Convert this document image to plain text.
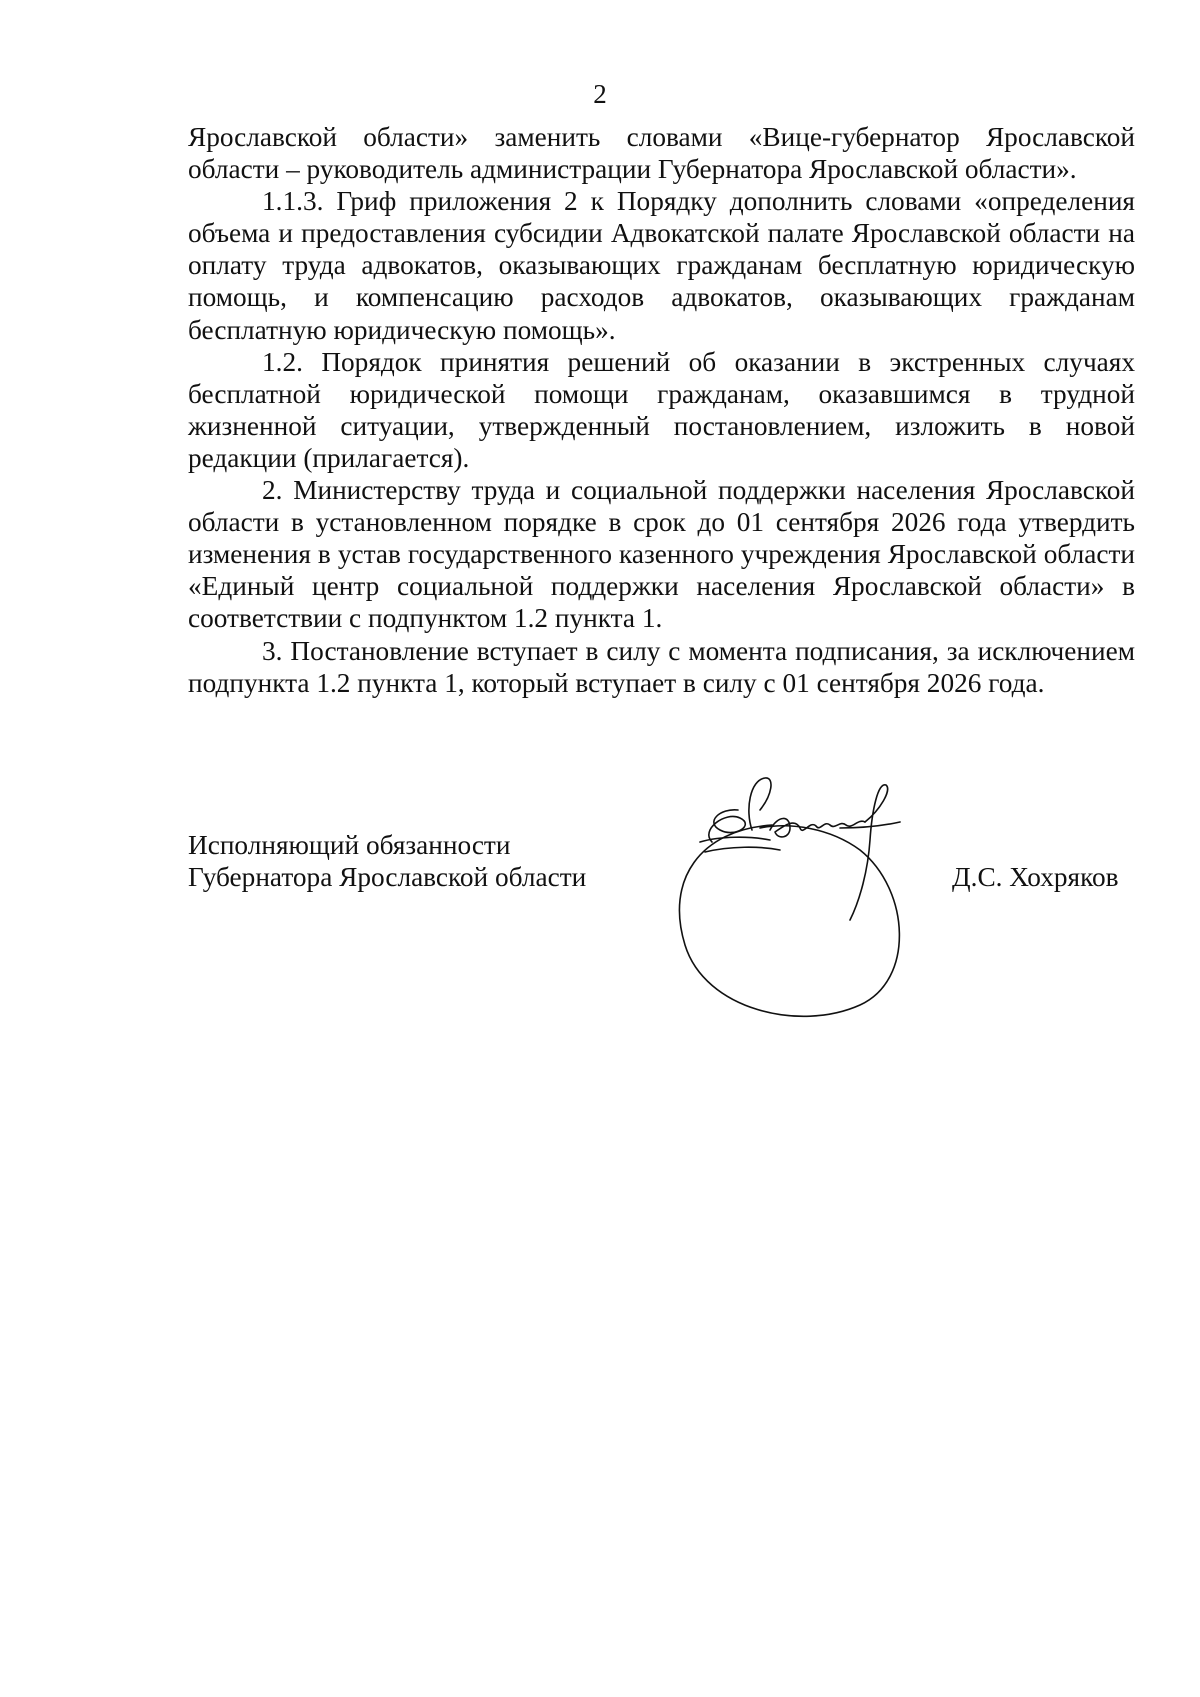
2

Ярославской области» заменить словами «Вице-губернатор Ярославской области – руководитель администрации Губернатора Ярославской области».

1.1.3. Гриф приложения 2 к Порядку дополнить словами «определения объема и предоставления субсидии Адвокатской палате Ярославской области на оплату труда адвокатов, оказывающих гражданам бесплатную юридическую помощь, и компенсацию расходов адвокатов, оказывающих гражданам бесплатную юридическую помощь».

1.2. Порядок принятия решений об оказании в экстренных случаях бесплатной юридической помощи гражданам, оказавшимся в трудной жизненной ситуации, утвержденный постановлением, изложить в новой редакции (прилагается).

2. Министерству труда и социальной поддержки населения Ярославской области в установленном порядке в срок до 01 сентября 2026 года утвердить изменения в устав государственного казенного учреждения Ярославской области «Единый центр социальной поддержки населения Ярославской области» в соответствии с подпунктом 1.2 пункта 1.

3. Постановление вступает в силу с момента подписания, за исключением подпункта 1.2 пункта 1, который вступает в силу с 01 сентября 2026 года.

Исполняющий обязанности

Губернатора Ярославской области	Д.С. Хохряков
